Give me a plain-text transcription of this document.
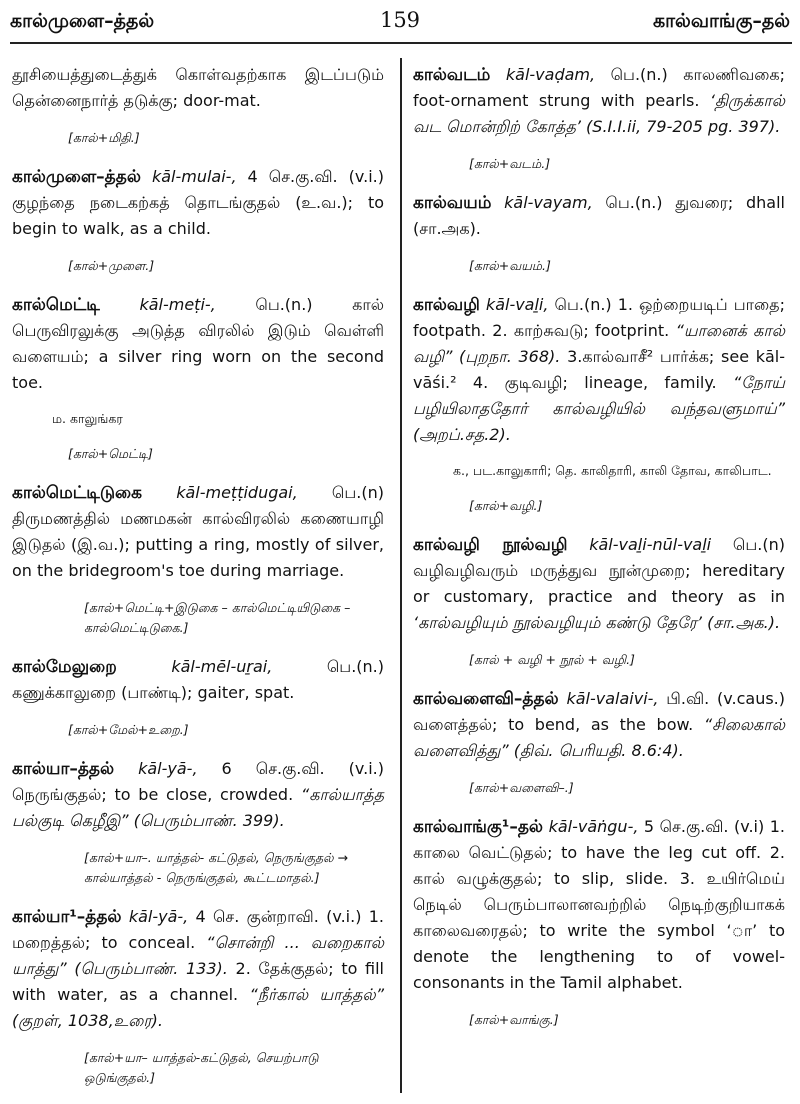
கால்முளை–த்தல்	159	கால்வாங்கு–தல்

தூசியைத்துடைத்துக் கொள்வதற்காக இடப்படும் தென்னைநார்த் தடுக்கு; door-mat.

[கால்+மிதி.]

கால்முளை–த்தல் kāl-mulai-, 4 செ.கு.வி. (v.i.) குழந்தை நடைகற்கத் தொடங்குதல் (உ.வ.); to begin to walk, as a child.

[கால்+முளை.]

கால்மெட்டி kāl-meṭi-, பெ.(n.) கால் பெருவிரலுக்கு அடுத்த விரலில் இடும் வெள்ளி வளையம்; a silver ring worn on the second toe.

ம. காலுங்கர
[கால்+மெட்டி]

கால்மெட்டிடுகை kāl-meṭṭidugai, பெ.(n) திருமணத்தில் மணமகன் கால்விரலில் கணையாழி இடுதல் (இ.வ.); putting a ring, mostly of silver, on the bridegroom's toe during marriage.

[கால்+மெட்டி+இடுகை – கால்மெட்டியிடுகை – கால்மெட்டிடுகை.]

கால்மேலுறை	kāl-mēl-uṟai,	பெ.(n.) கணுக்காலுறை (பாண்டி); gaiter, spat.

[கால்+மேல்+உறை.]

கால்யா–த்தல் kāl-yā-, 6 செ.கு.வி. (v.i.) நெருங்குதல்; to be close, crowded. “கால்யாத்த பல்குடி கெழீஇ” (பெரும்பாண். 399).

[கால்+யா–. யாத்தல்- கட்டுதல், நெருங்குதல் → கால்யாத்தல் - நெருங்குதல், கூட்டமாதல்.]

கால்யா¹–த்தல் kāl-yā-, 4 செ. குன்றாவி. (v.i.) 1. மறைத்தல்; to conceal. “சொன்றி ... வறைகால் யாத்து” (பெரும்பாண். 133). 2. தேக்குதல்; to fill with water, as a channel. “நீர்கால் யாத்தல்” (குறள், 1038,உரை).

[கால்+யா– யாத்தல்-கட்டுதல், செயற்பாடு ஒடுங்குதல்.]

கால்வடம் kāl-vaḍam, பெ.(n.) காலணிவகை; foot-ornament strung with pearls. ‘திருக்கால் வட மொன்றிற் கோத்த’ (S.I.I.ii, 79-205 pg. 397).

[கால்+வடம்.]

கால்வயம் kāl-vayam, பெ.(n.) துவரை; dhall (சா.அக).

[கால்+வயம்.]

கால்வழி kāl-vaḻi, பெ.(n.) 1. ஒற்றையடிப் பாதை; footpath. 2. காற்சுவடு; footprint. “யானைக் கால் வழி” (புறநா. 368). 3.கால்வாசீ² பார்க்க; see kāl-vāśi.² 4. குடிவழி; lineage, family. “நோய் பழியிலாததோர் கால்வழியில் வந்தவளுமாய்” (அறப்.சத.2).

க., பட.காலுகாரி; தெ. காலிதாரி, காலி தோவ, காலிபாட.
[கால்+வழி.]

கால்வழி நூல்வழி kāl-vaḻi-nūl-vaḻi பெ.(n) வழிவழிவரும் மருத்துவ நூன்முறை; hereditary or customary, practice and theory as in ‘கால்வழியும் நூல்வழியும் கண்டு தேரே’ (சா.அக.).

[கால் + வழி + நூல் + வழி.]

கால்வளைவி–த்தல் kāl-valaivi-, பி.வி. (v.caus.) வளைத்தல்; to bend, as the bow. “சிலைகால் வளைவித்து” (திவ். பெரியதி. 8.6:4).

[கால்+வளைவி–.]

கால்வாங்கு¹–தல் kāl-vāṅgu-, 5 செ.கு.வி. (v.i) 1. காலை வெட்டுதல்; to have the leg cut off. 2. கால் வழுக்குதல்; to slip, slide. 3. உயிர்மெய் நெடில் பெரும்பாலானவற்றில் நெடிற்குறியாகக் காலைவரைதல்; to write the symbol ‘ா’ to denote the lengthening to of vowel-consonants in the Tamil alphabet.

[கால்+வாங்கு.]
